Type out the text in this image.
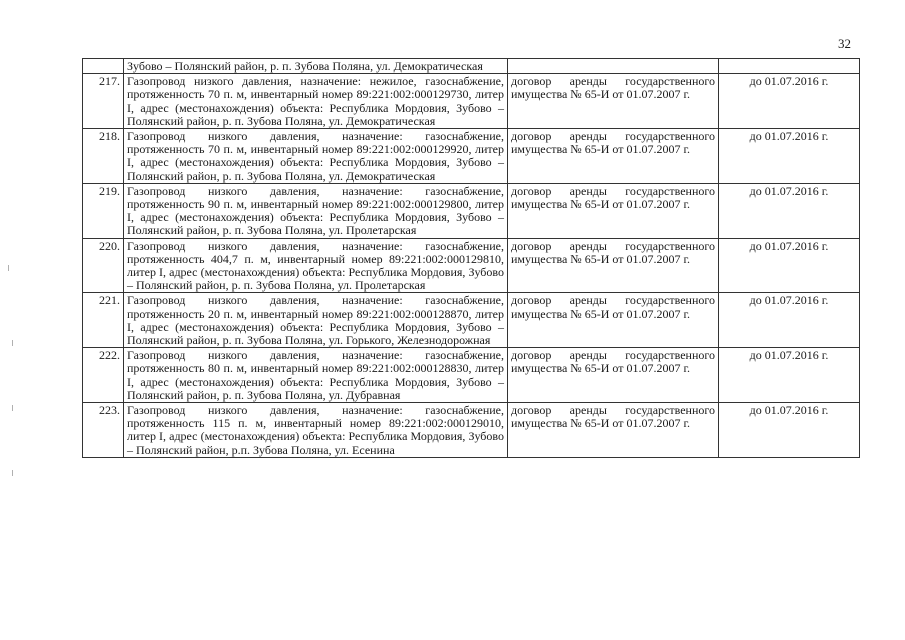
32
	Зубово – Полянский район, р. п. Зубова Поляна, ул. Демократическая		
217.	Газопровод низкого давления, назначение: нежилое, газоснабжение, протяженность 70 п. м, инвентарный номер 89:221:002:000129730, литер I, адрес (местонахождения) объекта: Республика Мордовия, Зубово – Полянский район, р. п. Зубова Поляна, ул. Демократическая	договор аренды государственного имущества № 65-И от 01.07.2007 г.	до 01.07.2016 г.
218.	Газопровод низкого давления, назначение: газоснабжение, протяженность 70 п. м, инвентарный номер 89:221:002:000129920, литер I, адрес (местонахождения) объекта: Республика Мордовия, Зубово – Полянский район, р. п. Зубова Поляна, ул. Демократическая	договор аренды государственного имущества № 65-И от 01.07.2007 г.	до 01.07.2016 г.
219.	Газопровод низкого давления, назначение: газоснабжение, протяженность 90 п. м, инвентарный номер 89:221:002:000129800, литер I, адрес (местонахождения) объекта: Республика Мордовия, Зубово – Полянский район, р. п. Зубова Поляна, ул. Пролетарская	договор аренды государственного имущества № 65-И от 01.07.2007 г.	до 01.07.2016 г.
220.	Газопровод низкого давления, назначение: газоснабжение, протяженность 404,7 п. м, инвентарный номер 89:221:002:000129810, литер I, адрес (местонахождения) объекта: Республика Мордовия, Зубово – Полянский район, р. п. Зубова Поляна, ул. Пролетарская	договор аренды государственного имущества № 65-И от 01.07.2007 г.	до 01.07.2016 г.
221.	Газопровод низкого давления, назначение: газоснабжение, протяженность 20 п. м, инвентарный номер 89:221:002:000128870, литер I, адрес (местонахождения) объекта: Республика Мордовия, Зубово – Полянский район, р. п. Зубова Поляна, ул. Горького, Железнодорожная	договор аренды государственного имущества № 65-И от 01.07.2007 г.	до 01.07.2016 г.
222.	Газопровод низкого давления, назначение: газоснабжение, протяженность 80 п. м, инвентарный номер 89:221:002:000128830, литер I, адрес (местонахождения) объекта: Республика Мордовия, Зубово – Полянский район, р. п. Зубова Поляна, ул. Дубравная	договор аренды государственного имущества № 65-И от 01.07.2007 г.	до 01.07.2016 г.
223.	Газопровод низкого давления, назначение: газоснабжение, протяженность 115 п. м, инвентарный номер 89:221:002:000129010, литер I, адрес (местонахождения) объекта: Республика Мордовия, Зубово – Полянский район, р.п. Зубова Поляна, ул. Есенина	договор аренды государственного имущества № 65-И от 01.07.2007 г.	до 01.07.2016 г.
